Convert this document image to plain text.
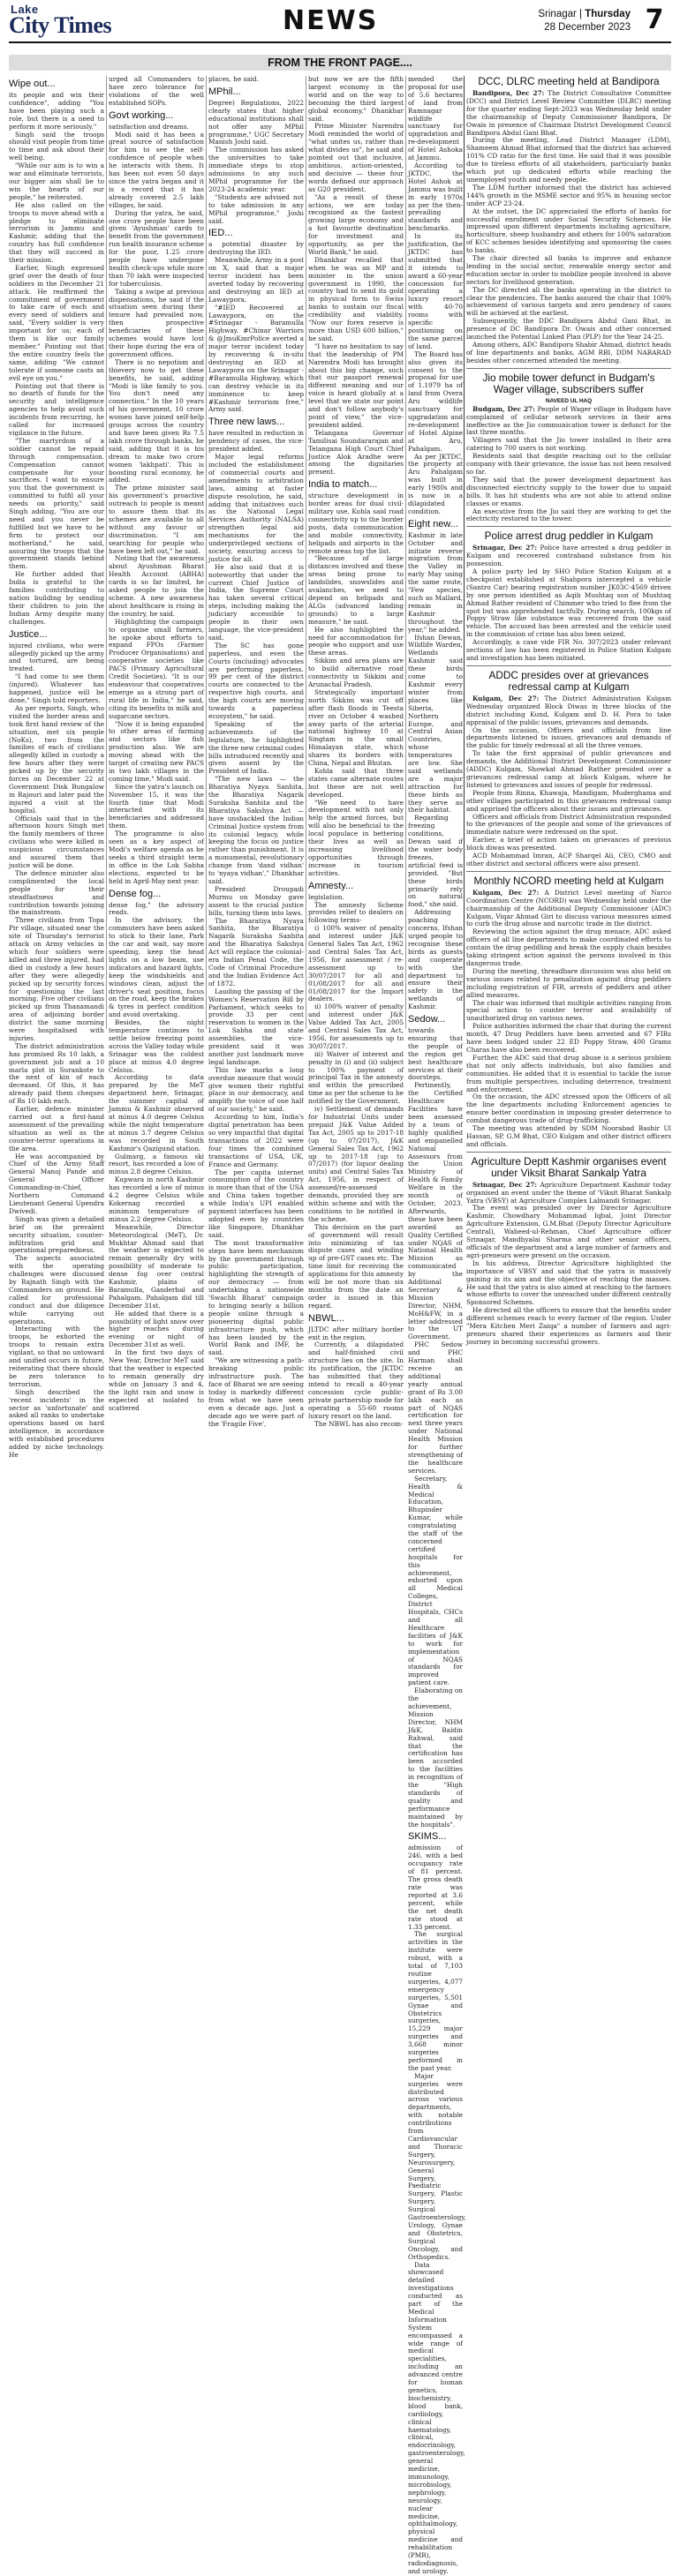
Lake
City Times	NEWS	Srinagar | Thursday
28 December 2023 7
FROM THE FRONT PAGE....
Wipe out...

its people and win their confidence", adding "You have been playing such a role, but there is a need to perform it more seriously."

Singh said the troops should visit people from time to time and ask about their well being.

"While our aim is to win a war and eliminate terrorists, our bigger aim shall be to win the hearts of our people," he reiterated.

He also called on the troops to move ahead with a pledge to eliminate terrorism in Jammu and Kashmir, adding that the country has full confidence that they will succeed in their mission.

Earlier, Singh expressed grief over the death of four soldiers in the December 21 attack. He reaffirmed the commitment of government to take care of each and every need of soldiers and said, "Every soldier is very important for us; each of them is like our family member." Pointing out that the entire country feels the same, adding "We cannot tolerate if someone casts an evil eye on you."

Pointing out that there is no dearth of funds for the security and intelligence agencies to help avoid such incidents from recurring, he called for increased vigilance in the future.

"The martyrdom of a soldier cannot be repaid through compensation. Compensation cannot compensate for your sacrifices. I want to ensure you that the government is committed to fulfil all your needs on priority," said Singh adding, "You are our need and you never be fulfilled but we have to be firm to protect our motherland," he said, assuring the troops that the government stands behind them.

He further added that India is grateful to the families contributing to nation building by sending their children to join the Indian Army despite many challenges.

Justice...

injured civilians, who were allegedly picked up the army and tortured, are being treated.

"I had come to see them (injured). Whatever has happened, justice will be done," Singh told reporters.

As per reports, Singh, who visited the border areas and took first hand review of the situation, met six people (NoKs), two from the families of each of civilians allegedly killed in custody a few hours after they were picked up by the security forces on December 22 at Government Disk Bungalow in Rajouri and later paid the injured a visit at the hospital.

Officials said that in the afternoon hours Singh met the family members of three civilians who were killed in suspicious circumstances and assured them that justice will be done.

The defence minister also complimented the local people for their steadfastness and contribution towards joining the mainstream.

Three civilians from Topa Pir village, situated near the site of Thursday's terrorist attack on Army vehicles in which four soldiers were killed and three injured, had died in custody a few hours after they were allegedly picked up by security forces for questioning the last morning. Five other civilians picked up from Thanamandi area of adjoining border district the same morning were hospitalised with injuries.

The district administration has promised Rs 10 lakh, a government job and a 10 marla plot in Surankote to the next of kin of each deceased. Of this, it has already paid them cheques of Rs 10 lakh each.

Earlier, defence minister carried out a first-hand assessment of the prevailing situation as well as the counter-terror operations in the area.

He was accompanied by Chief of the Army Staff General Manoj Pande and General Officer Commanding-in-Chief, Northern Command Lieutenant General Upendra Dwivedi.

Singh was given a detailed brief on the prevalent security situation, counter-infiltration grid and operational preparedness.

The aspects associated with the operating challenges were discussed by Rajnath Singh with the Commanders on ground. He called for professional conduct and due diligence while carrying out operations.

Interacting with the troops, he exhorted the troops to remain extra vigilant, so that no untoward and unified occurs in future, reiterating that there should be zero tolerance to terrorism.

Singh described the 'recent incidents' in the sector as 'unfortunate' and asked all ranks to undertake operations based on hard intelligence, in accordance with established procedures added by niche technology. He

urged all Commanders to have zero tolerance for violations of the well established SOPs.

Govt working...

satisfaction and dreams.

Modi said it has been a great source of satisfaction for him to see the self-confidence of people when he interacts with them. It has been not even 50 days since the yatra began and it is a record that it has already covered 2.5 lakh villages, he said.

During the yatra, he said, one crore people have been given 'Ayushman' cards to benefit from the government run health insurance scheme for the poor, 1.25 crore people have undergone health check-ups while more than 70 lakh were inspected for tuberculosis.

Taking a swipe at previous dispensations, he said if the situation seen during their tenure had prevailed now, then prospective beneficiaries of these schemes would have lost their hope during the era of government offices.

There is no nepotism and thievery now to get these benefits, he said, adding "Modi is like family to you. You don't need any connection." In the 10 years of his government, 10 crore women have joined self-help groups across the country and have been given Rs 7.5 lakh crore through banks, he said, adding that it is his dream to make two crore women 'lakhpati'. This is boosting rural economy, he added.

The prime minister said his government's proactive outreach to people is meant to assure them that its schemes are available to all without any favour or discrimination. "I am searching for people who have been left out," he said.

Noting that the awareness about Ayushman Bharat Health Account (ABHA) cards is so far limited, he asked people to join the scheme. A new awareness about healthcare is rising in the country, he said.

Highlighting the campaign to organise small farmers, he spoke about efforts to expand FPOs (Farmer Producer Organisations) and cooperative societies like PACS (Primary Agricultural Credit Societies). "It is our endeavour that cooperatives emerge as a strong part of rural life in India," he said, citing its benefits in milk and sugarcane sectors.

"Now it is being expanded to other areas of farming and sectors like fish production also. We are moving ahead with the target of creating new PACS in two lakh villages in the coming time," Modi said.

Since the yatra's launch on November 15, it was the fourth time that Modi interacted with its beneficiaries and addressed them.

The programme is also seen as a key aspect of Modi's welfare agenda as he seeks a third straight term in office in the Lok Sabha elections, expected to be held in April-May next year.

Dense fog...

dense fog," the advisory reads.

In the advisory, the commuters have been asked to stick to their lane, Park the car and wait, say more speeding, keep the head lights on a low beam, use indicators and hazard lights, keep the windshields and windows clean, adjust the driver's seat position, focus on the road, keep the brakes & tyres in perfect condition and avoid overtaking.

Besides, the night temperature continues to settle below freezing point across the Valley today while Srinagar was the coldest place at minus 4.0 degree Celsius.

According to data prepared by the MeT department here, Srinagar, the summer capital of Jammu & Kashmir observed at minus 4.0 degree Celsius while the night temperature at minus 3.7 degree Celsius was recorded in South Kashmir's Qazigund station.

Gulmarg, a famous ski resort, has recorded a low of minus 2.8 degree Celsius.

Kupwara in north Kashmir has recorded a low of minus 4.2 degree Celsius while Kokernag recorded a minimum temperature of minus 2.2 degree Celsius.

Meanwhile, Director Meteorological (MeT), Dr. Mukhtar Ahmad said that the weather is expected to remain generally dry with possibility of moderate to dense fog over central Kashmir, plains of Baramulla, Ganderbal and Pahalgam. Pahalgam did till December 31st.

He added that there is a possibility of light snow over higher reaches during evening or night of December 31st as well.

In the first two days of New Year, Director MeT said that the weather is expected to remain generally dry while on January 3 and 4, the light rain and snow is expected at isolated to scattered

places, he said.

MPhil...

Degree) Regulations, 2022 clearly states that higher educational institutions shall not offer any MPhil programme," UGC Secretary Manish Joshi said.

The commission has asked the universities to take immediate steps to stop admissions to any such MPhil programme for the 2023-24 academic year.

"Students are advised not to take admission in any MPhil programme," Joshi said.

IED...

a potential disaster by destroying the IED.

Meanwhile, Army in a post on X, said that a major terror incident has been averted today by recovering and destroying an IED at Lawaypora.

"#IED Recovered at Lawaypora, on the #Srinagar - Baramulla Highway. #Chinar Warriors & @JmuKmrPolice averted a major terror incident today by recovering & in-situ destroying an IED at Lawaypora on the Srinagar - #Baramulla Highway, which can destroy vehicle in its imminence to keep #Kashmir terrorism free," Army said.

Three new laws...

have resulted in reduction in pendency of cases, the vice-president added.

Major legal reforms included the establishment of commercial courts and amendments to arbitration laws, aiming at faster dispute resolution, he said, adding that initiatives such as the National Legal Services Authority (NALSA) strengthen legal aid mechanisms for the underprivileged sections of society, ensuring access to justice for all.

He also said that it is noteworthy that under the current Chief Justice of India, the Supreme Court has taken several critical steps, including making the judiciary accessible to people in their own language, the vice-president said.

The SC has gone paperless, and even the Courts (including) advocates are performing paperless. 99 per cent of the district courts are connected to the respective high courts, and the high courts are moving towards a paperless ecosystem," he said.

Speaking of the achievements of the legislature, he highlighted the three new criminal codes bills introduced recently and given assent by the President of India.

"The new laws — the Bharatiya Nyaya Sanhita, the Bharatiya Nagarik Suraksha Sanhita and the Bharatiya Sakshya Act — have unshackled the Indian Criminal Justice system from its colonial legacy, while keeping the focus on justice rather than punishment. It is a monumental, revolutionary change from 'dand vidhan' to 'nyaya vidhan'," Dhankhar said.

President Droupadi Murmu on Monday gave assent to the crucial justice bills, turning them into laws.

The Bharatiya Nyaya Sanhita, the Bharatiya Nagarik Suraksha Sanhita and the Bharatiya Sakshya Act will replace the colonial-era Indian Penal Code, the Code of Criminal Procedure and the Indian Evidence Act of 1872.

Lauding the passing of the Women's Reservation Bill by Parliament, which seeks to provide 33 per cent reservation to women in the Lok Sabha and state assemblies, the vice-president said it was another just landmark move legal landscape.

This law marks a long overdue measure that would give women their rightful place in our democracy, and amplify the voice of one half of our society," he said.

According to him, India's digital penetration has been so very impactful that digital transactions of 2022 were four times the combined transactions of USA, UK, France and Germany.

The per capita internet consumption of the country is more than that of the USA and China taken together while India's UPI enabled payment interfaces has been adopted even by countries like Singapore, Dhankhar said.

The most transformative steps have been mechanism by the government through public participation, highlighting the strength of our democracy — from undertaking a nationwide 'Swachh Bharat' campaign to bringing nearly a billion people online through a pioneering digital public infrastructure push, which has been lauded by the World Bank and IMF, he said.

"We are witnessing a path-breaking public infrastructure push. The face of Bharat we are seeing today is markedly different from what we have seen even a decade ago. Just a decade ago we were part of the 'Fragile Five',

but now we are the fifth largest economy in the world and on the way to becoming the third largest global economy," Dhankhar said.

Prime Minister Narendra Modi reminded the world of "what unites us, rather than what divides us", he said and pointed out that inclusive, ambitious, action-oriented, and decisive — these four words defined our approach as G20 president.

"As a result of these actions, we are today recognised as the fastest growing large economy and a hot favourite destination for investment and opportunity, as per the World Bank," he said.

Dhankhar recalled that when he was an MP and minister in the union government in 1990, the country had to send its gold in physical form to Swiss banks to sustain our fiscal credibility and viability. "Now our forex reserve is more than USD 600 billion," he said.

"I have no hesitation to say that the leadership of PM Narendra Modi has brought about this big change, such that our passport renewal different meaning and our voice is heard globally at a level that we state our point and don't follow anybody's point of view," the vice-president added.

Telangana Governor Tamilisai Soundararajan and Telangana High Court Chief Justice Alok Aradhe were among the dignitaries present.

India to match...

structure development in border areas for dual civil-military use, Kohla said road connectivity up to the border posts, data communication and mobile connectivity, helipads and airports in the remote areas top the list.

"Because of large distances involved and these areas being prone to landslides, snowslides and avalanches, we need to depend on helipads and ALGs (advanced landing grounds) to a large measure," he said.

He also highlighted the need for accommodation for people who support and use these areas.

Sikkim and area plans are to build alternative road connectivity in Sikkim and Arunachal Pradesh.

Strategically important north Sikkim was cut off after flash floods in Teesta river on October 4 washed away parts of the arterial national highway 10 at Singtam in the small Himalayan state, which shares its borders with China, Nepal and Bhutan.

Kohla said that three states came alternate routes but these are not well developed.

"We need to have development with not only help the armed forces, but will also be beneficial to the local populace in bettering their lives as well as increasing livelihood opportunities through increase in tourism activities.

Amnesty...

legislation.

The amnesty Scheme provides relief to dealers on following terms-

i) 100% waiver of penalty and interest under J&K General Sales Tax Act, 1962 and Central Sales Tax Act, 1956, for assessment / re-assessment up to 30/07/2017 for all and 01/08/2017 for all and 01/08/2017 for the Import dealers.

ii) 100% waiver of penalty and interest under J&K Value Added Tax Act, 2005 and Central Sales Tax Act, 1956, for assessments up to 30/07/2017.

iii) Waiver of interest and penalty in (i) and (ii) subject to 100% payment of principal Tax in the amnesty and within the prescribed time as per the scheme to be notified by the Government.

iv) Settlement of demands for Industrial Units under prepaid J&K Value Added Tax Act, 2005 up to 2017-18 (up to 07/2017), J&K General Sales Tax Act, 1962 up to 2017-18 (up to 07/2017) (for liquor dealing units) and Central Sales Tax Act, 1956, in respect of assessed/re-assessed demands, provided they are within scheme and with the conditions to be notified in the scheme.

This decision on the part of government will result into minimizing of tax dispute cases and winding up of pre-GST cases etc. The time limit for receiving the applications for this amnesty will be not more than six months from the date an order is issued in this regard.

NBWL...

JLTDC after military border exit in the region.

Currently, a dilapidated and half-finished civil structure lies on the site. In its justification, the JKTDC has submitted that they intend to recall a 40-year concession cycle public-private partnership mode for operating a 55-60 rooms luxury resort on the land.

The NBWL has also recom-

mended the proposal for use of 5.6 hectares of land from Ramnagar wildlife sanctuary for upgradation and re-development of Hotel Ashoka at Jammu.

According to JKTDC, the Hotel Ashok at Jammu was built in early 1970s as per the then-prevailing standards and benchmarks.

In its justification, the JKTDC has submitted that it intends to award a 60-year concession for operating a luxury resort with 40-70 rooms with specific positioning on the same parcel of land.

The Board has also given its consent to the proposal for use of 1.1979 ha of land from Overa Aru wildlife sanctuary for upgradation and re-development of Hotel Alpine at Aru, Pahalgam.

As per JKTDC, the property at Aru Pahalgam was built in early 1980s and is now in a dilapidated condition.

Eight new...

Kashmir in late October and initiate reverse migration from the Valley in early May using the same route, "Few species, such as Mallard, remain in Kashmir throughout the year," he added.

Ifshan Dewan, Wildlife Warden, Wetlands Kashmir said these birds come to Kashmir every winter from places like Siberia, Northern Europe, and Central Asian Countries, whose temperatures are low. She said wetlands are a major attraction for these birds as they serve as their habitat.

Regarding freezing conditions, Dewan said if the water body freezes, artificial feed is provided. "But these birds primarily rely on natural food," she said.

Addressing poaching concerns, Ifshan urged people to recognise these birds as guests and cooperate with the department to ensure their safety in the wetlands of Kashmir.

Sedow...

towards ensuring that the people of the region get best healthcare services at their doorsteps.

Pertinently, the Certified Healthcare Facilities have been assessed by a team of highly qualified and empanelled National Assessors from the Union Ministry of Health & Family Welfare in the month of October, 2023. Afterwards, these have been awarded as Quality Certified under NQAS of National Health Mission as communicated by the Additional Secretary & Mission Director, NHM, MoH&FW, in a letter addressed to the UT Government.

PHC Sedow and PHC Harman shall receive an additional yearly annual grant of Rs 3.00 lakh each as part of NQAS certification for next three years under National Health Mission for further strengthening of the healthcare services.

Secretary, Health & Medical Education, Bhupinder Kumar, while congratulating the staff of the concerned certified hospitals for this achievement, exhorted upon all Medical Colleges, District Hospitals, CHCs and all Healthcare facilities of J&K to work for implementation of NQAS standards for improved patient care.

Elaborating on the achievement, Mission Director, NHM J&K, Baldin Rahwal, said that the certification has been accorded to the facilities in recognition of the "High standards of quality and performance maintained by the hospitals".

SKIMS...

admission of 246, with a bed occupancy rate of 81 percent. The gross death rate was reported at 3.6 percent, while the net death rate stood at 1.33 percent.

The surgical activities in the institute were robust, with a total of 7,103 routine surgeries, 4,077 emergency surgeries, 5,501 Gynae and Obstetrics surgeries, 15,229 major surgeries and 3,668 minor surgeries performed in the past year.

Major surgeries were distributed across various departments, with notable contributions from Cardiovascular and Thoracic Surgery, Neurosurgery, General Surgery, Paediatric Surgery, Plastic Surgery, Surgical Gastroenterology, Urology, Gynae and Obstetrics, Surgical Oncology, and Orthopedics.

Data showcased detailed investigations conducted as part of the Medical Information System encompassed a wide range of medical specialities, including an advanced centre for human genetics, biochemistry, blood bank, cardiology, clinical haematology, clinical, endocrinology, gastroenterology, general medicine, immunology, microbiology, nephrology, neurology, nuclear medicine, ophthalmology, physical medicine and rehabilitation (PMR), radiodiagnosis, and urology.

DCC, DLRC meeting held at Bandipora

Bandipora, Dec 27: The District Consultative Committee (DCC) and District Level Review Committee (DLRC) meeting for the quarter ending Sept-2023 was Wednesday held under the chairmanship of Deputy Commissioner Bandipora, Dr Owais in presence of Chairman District Development Council Bandipora Abdul Gani Bhat.

During the meeting, Lead District Manager (LDM), Shameem Ahmad Bhat informed that the district has achieved 101% CD ratio for the first time. He said that it was possible due to tireless efforts of all stakeholders, particularly banks which put up dedicated efforts while reaching the unemployed youth and needy people.

The LDM further informed that the district has achieved 144% growth in the MSME sector and 95% in housing sector under ACP 23-24.

At the outset, the DC appreciated the efforts of banks for successful enrolment under Social Security Schemes. He impressed upon different departments including agriculture, horticulture, sheep husbandry and others for 100% saturation of KCC schemes besides identifying and sponsoring the cases to banks.

The chair directed all banks to improve and enhance lending in the social sector, renewable energy sector and education sector in order to mobilize people involved in above sectors for livelihood generation.

The DC directed all the banks operating in the district to clear the pendencies. The banks assured the chair that 100% achievement of various targets and zero pendency of cases will be achieved at the earliest.

Subsequently, the DDC Bandipora Abdul Gani Bhat, in presence of DC Bandipora Dr. Owais and other concerned launched the Potential Linked Plan (PLP) for the Year 24-25.

Among others, ADC Bandipora Shabir Ahmad, district heads of line departments and banks, AGM RBI, DDM NABARAD besides other concerned attended the meeting.

Jio mobile tower defunct in Budgam's Wager village, subscribers suffer
NAVEED UL HAQ

Budgam, Dec 27: People of Wager village in Budgam have complained of cellular network services in their area ineffective as the Jio communication tower is defunct for the last three months.

Villagers said that the Jio tower installed in their area catering to 700 users is not working.

Residents said that despite reaching out to the cellular company with their grievance, the issue has not been resolved so far.

They said that the power development department has disconnected electricity supply to the tower due to unpaid bills. It has hit students who are not able to attend online classes or exams.

An executive from the Jio said they are working to get the electricity restored to the tower.

Police arrest drug peddler in Kulgam

Srinagar, Dec 27: Police have arrested a drug peddler in Kulgam and recovered contraband substance from his possession.

A police party led by SHO Police Station Kulgam at a checkpoint established at Shahpora intercepted a vehicle (Santro Car) bearing registration number JK03C-4569 driven by one person identified as Aqib Mushtaq son of Mushtaq Ahmad Rather resident of Chimmer who tried to flee from the spot but was apprehended tactfully. During search, 100kgs of Poppy Straw like substance was recovered from the said vehicle. The accused has been arrested and the vehicle used in the commission of crime has also been seized.

Accordingly, a case vide FIR No. 307/2023 under relevant sections of law has been registered in Police Station Kulgam and investigation has been initiated.

ADDC presides over at grievances redressal camp at Kulgam

Kulgam, Dec 27: The District Administration Kulgam Wednesday organized Block Diwas in three blocks of the district including Kund, Kulgam and D. H. Pora to take appraisal of the public issues, grievances and demands.

On the occasion, Officers and officials from line departments listened to issues, grievances and demands of the public for timely redressal at all the three venues.

To take the first appraisal of public grievances and demands, the Additional District Development Commissioner (ADDC) Kulgam, Showkat Ahmad Rather presided over a grievances redressal camp at block Kulgam, where he listened to grievances and issues of people for redressal.

People from Rinna, Khawaja, Mandigam, Muderghama and other villages participated in this grievances redressal camp and apprised the officers about their issues and grievances.

Officers and officials from District Administration responded to the grievances of the people and some of the grievances of immediate nature were redressed on the spot.

Earlier, a brief of action taken on grievances of previous block diwas was presented.

ACD Mohammad Imran, ACP Sharqel Ali, CEO, CMO and other district and sectoral officers were also present.

Monthly NCORD meeting held at Kulgam

Kulgam, Dec 27: A District Level meeting of Narco Coordination Centre (NCORD) was Wednesday held under the chairmanship of the Additional Deputy Commissioner (ADC) Kulgam, Viqar Ahmad Giri to discuss various measures aimed to curb the drug abuse and narcotic trade in the district.

Reviewing the action against the drug menace, ADC asked officers of all line departments to make coordinated efforts to contain the drug peddling and break the supply chain besides taking stringent action against the persons involved in this dangerous trade.

During the meeting, threadbare discussion was also held on various issues related to penalization against drug peddlers including registration of FIR, arrests of peddlers and other allied measures.

The chair was informed that multiple activities ranging from special action to counter terror and availability of unauthorized drug on various news.

Police authorities informed the chair that during the current month, 47 Drug Peddlers have been arrested and 67 FIRs have been lodged under 22 ED Poppy Straw, 400 Grams Charas have also been recovered.

Further, the ADC said that drug abuse is a serious problem that not only affects individuals, but also families and communities. He added that it is essential to tackle the issue from multiple perspectives, including deterrence, treatment and enforcement.

On the occasion, the ADC stressed upon the Officers of all the line departments including Enforcement agencies to ensure better coordination in imposing greater deterrence to combat dangerous trade of drug-trafficking.

The meeting was attended by SDM Noorabad Bashir Ul Hassan, SP, G.M Bhat, CEO Kulgam and other district officers and officials.

Agriculture Deptt Kashmir organises event under Viksit Bharat Sankalp Yatra

Srinagar, Dec 27: Agriculture Department Kashmir today organised an event under the theme of 'Viksit Bharat Sankalp Yatra (VBSY) at Agriculture Complex Lalmandi Srinagar.

The event was presided over by Director Agriculture Kashmir, Chowdhary Mohammad Iqbal, Joint Director Agriculture Extension, G.M.Bhat (Deputy Director Agriculture Central), Waheed-ul-Rehman, Chief Agriculture officer Srinagar, Mandhyalai Sharma and other senior officers, officials of the department and a large number of farmers and agri-preneurs were present on the occasion.

In his address, Director Agriculture highlighted the importance of VBSY and said that the yatra is massively gaining in its aim and the objective of reaching the masses. He said that the yatra is also aimed at reaching to the farmers whose efforts to cover the unreached under different centrally Sponsored Schemes.

He directed all the officers to ensure that the benefits under different schemes reach to every farmer of the region. Under "Mera Kitchen Meri Zaiqa" a number of farmers and agri-preneurs shared their experiences as farmers and their journey in becoming successful growers.
